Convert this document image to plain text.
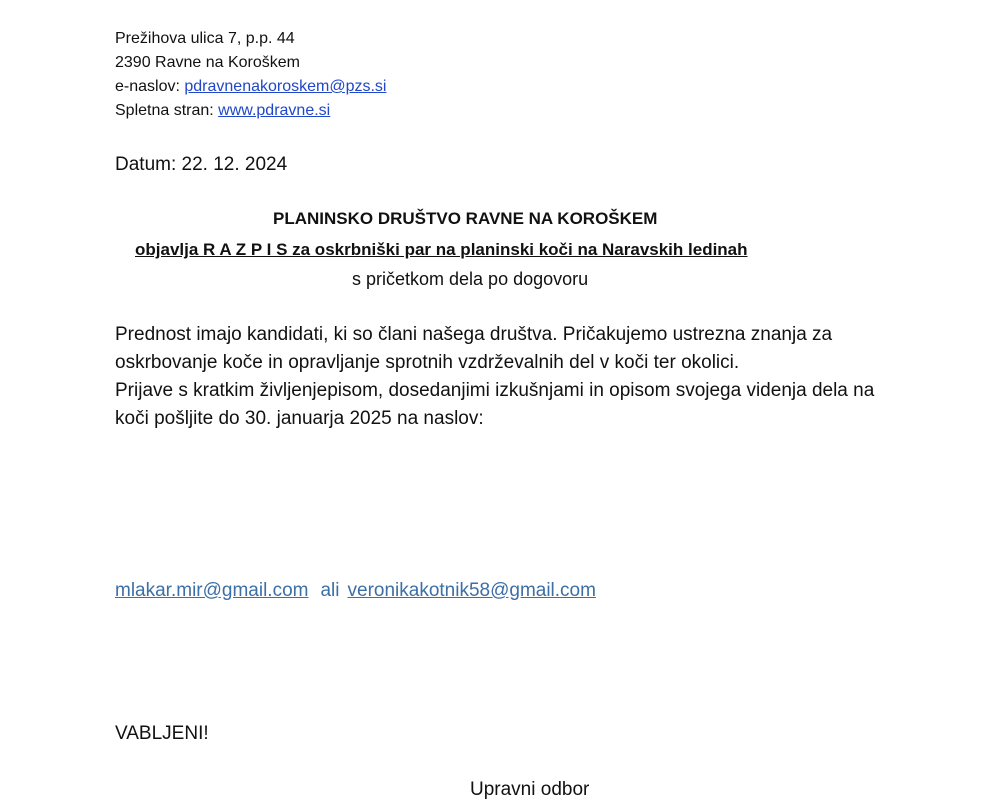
Prežihova ulica 7, p.p. 44
2390 Ravne na Koroškem
e-naslov: pdravnenakoroskem@pzs.si
Spletna stran: www.pdravne.si
Datum: 22. 12. 2024
PLANINSKO DRUŠTVO RAVNE NA KOROŠKEM
objavlja R A Z P I S za oskrbniški par na planinski koči na Naravskih ledinah
s pričetkom dela po dogovoru

Prednost imajo kandidati, ki so člani našega društva. Pričakujemo ustrezna znanja za oskrbovanje koče in opravljanje sprotnih vzdrževalnih del v koči ter okolici.

Prijave s kratkim življenjepisom, dosedanjimi izkušnjami in opisom svojega videnja dela na koči pošljite do 30. januarja 2025 na naslov:

mlakar.mir@gmail.com ali veronikakotnik58@gmail.com
VABLJENI!
Upravni odbor
